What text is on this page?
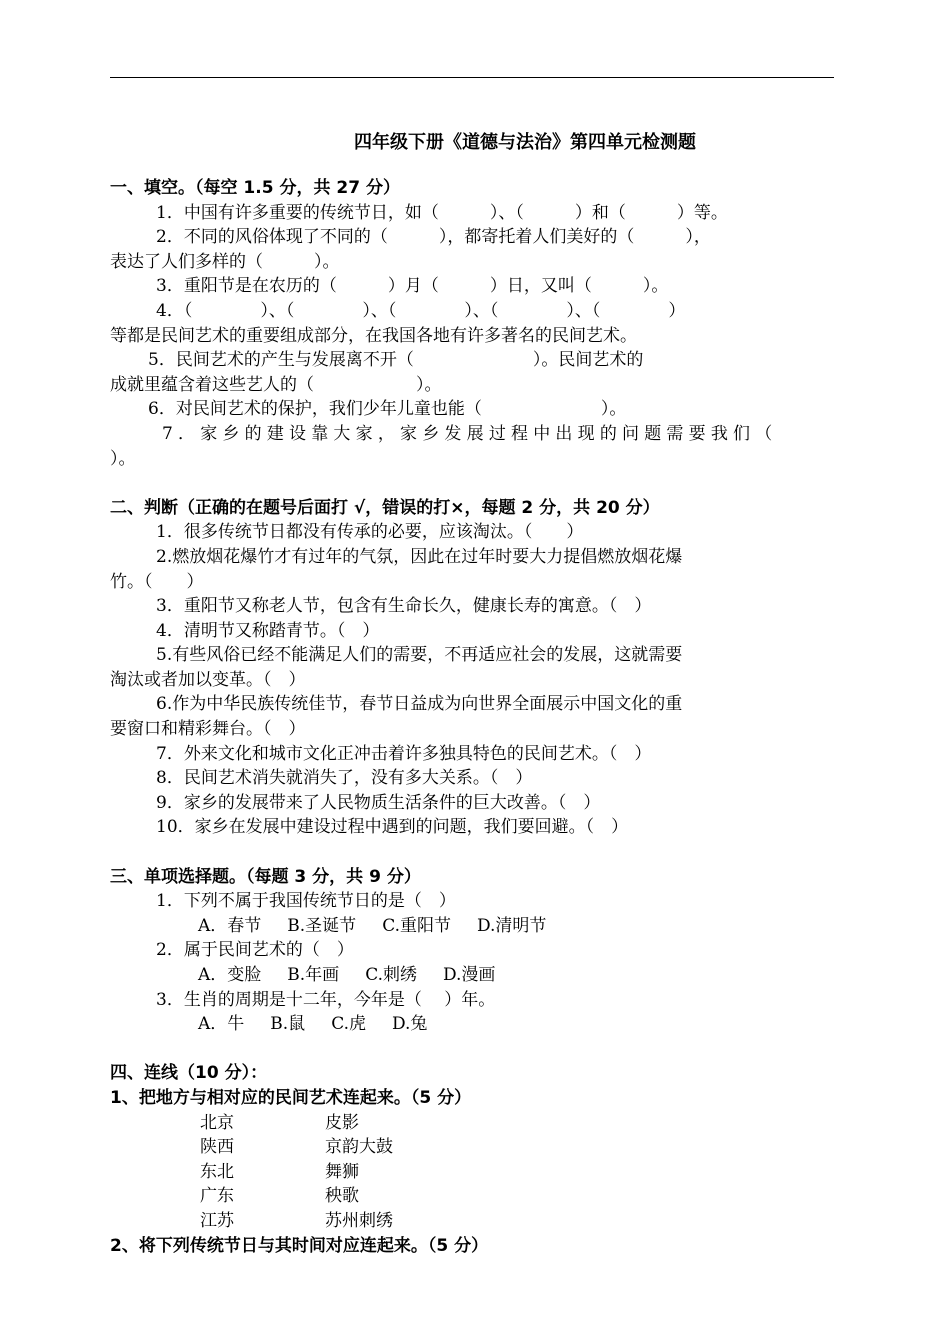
四年级下册《道德与法治》第四单元检测题
一、填空。（每空 1.5 分，共 27 分）
1．中国有许多重要的传统节日，如（　　　）、（　　　）和（　　　）等。
2．不同的风俗体现了不同的（　　　），都寄托着人们美好的（　　　），
表达了人们多样的（　　　）。
3．重阳节是在农历的（　　　）月（　　　）日，又叫（　　　）。
4．（　　　　）、（　　　　）、（　　　　）、（　　　　）、（　　　　）
等都是民间艺术的重要组成部分，在我国各地有许多著名的民间艺术。
5．民间艺术的产生与发展离不开（　　　　　　　）。民间艺术的
成就里蕴含着这些艺人的（　　　　　　）。
6．对民间艺术的保护，我们少年儿童也能（　　　　　　　）。
7．家乡的建设靠大家，家乡发展过程中出现的问题需要我们（
）。
二、判断（正确的在题号后面打 √，错误的打×，每题 2 分，共 20 分）
1．很多传统节日都没有传承的必要，应该淘汰。（　　）
2.燃放烟花爆竹才有过年的气氛，因此在过年时要大力提倡燃放烟花爆
竹。（　　）
3．重阳节又称老人节，包含有生命长久，健康长寿的寓意。（　）
4．清明节又称踏青节。（　）
5.有些风俗已经不能满足人们的需要，不再适应社会的发展，这就需要
淘汰或者加以变革。（　）
6.作为中华民族传统佳节，春节日益成为向世界全面展示中国文化的重
要窗口和精彩舞台。（　）
7．外来文化和城市文化正冲击着许多独具特色的民间艺术。（　）
8．民间艺术消失就消失了，没有多大关系。（　）
9．家乡的发展带来了人民物质生活条件的巨大改善。（　）
10．家乡在发展中建设过程中遇到的问题，我们要回避。（　）
三、单项选择题。（每题 3 分，共 9 分）
1．下列不属于我国传统节日的是（　）
A．春节 B.圣诞节 C.重阳节 D.清明节
2．属于民间艺术的（　）
A．变脸 B.年画 C.刺绣 D.漫画
3．生肖的周期是十二年，今年是（　 ）年。
A．牛 B.鼠 C.虎 D.兔
四、连线（10 分）：
1、把地方与相对应的民间艺术连起来。（5 分）
北京
陕西
东北
广东
江苏
皮影
京韵大鼓
舞狮
秧歌
苏州刺绣
2、将下列传统节日与其时间对应连起来。（5 分）
